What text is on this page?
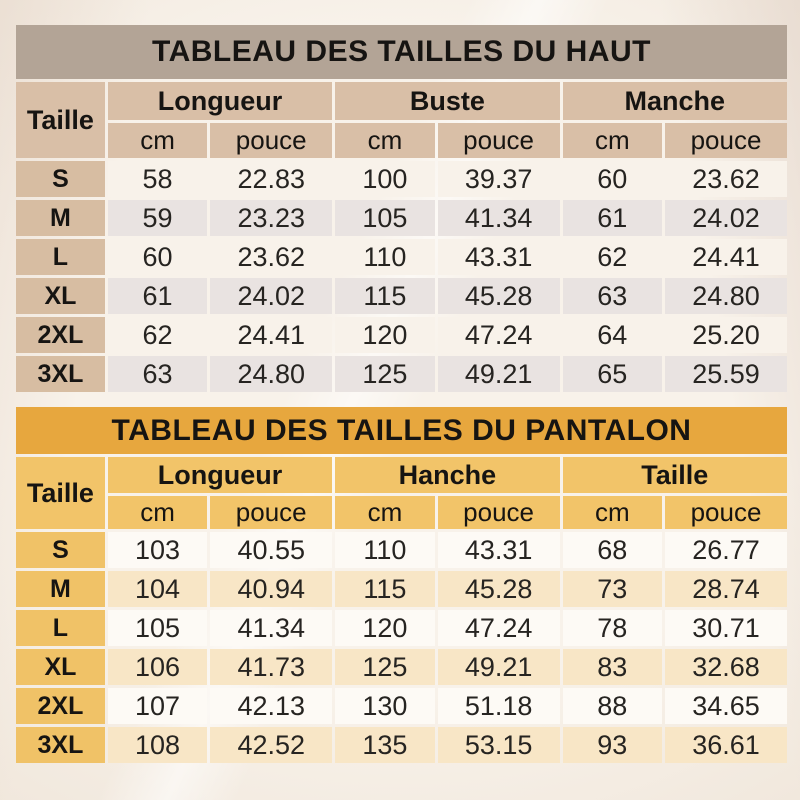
TABLEAU DES TAILLES DU HAUT
Taille	Longueur		Buste		Manche	
	cm	pouce	cm	pouce	cm	pouce
S	58	22.83	100	39.37	60	23.62
M	59	23.23	105	41.34	61	24.02
L	60	23.62	110	43.31	62	24.41
XL	61	24.02	115	45.28	63	24.80
2XL	62	24.41	120	47.24	64	25.20
3XL	63	24.80	125	49.21	65	25.59
TABLEAU DES TAILLES DU PANTALON
Taille	Longueur		Hanche		Taille	
	cm	pouce	cm	pouce	cm	pouce
S	103	40.55	110	43.31	68	26.77
M	104	40.94	115	45.28	73	28.74
L	105	41.34	120	47.24	78	30.71
XL	106	41.73	125	49.21	83	32.68
2XL	107	42.13	130	51.18	88	34.65
3XL	108	42.52	135	53.15	93	36.61
